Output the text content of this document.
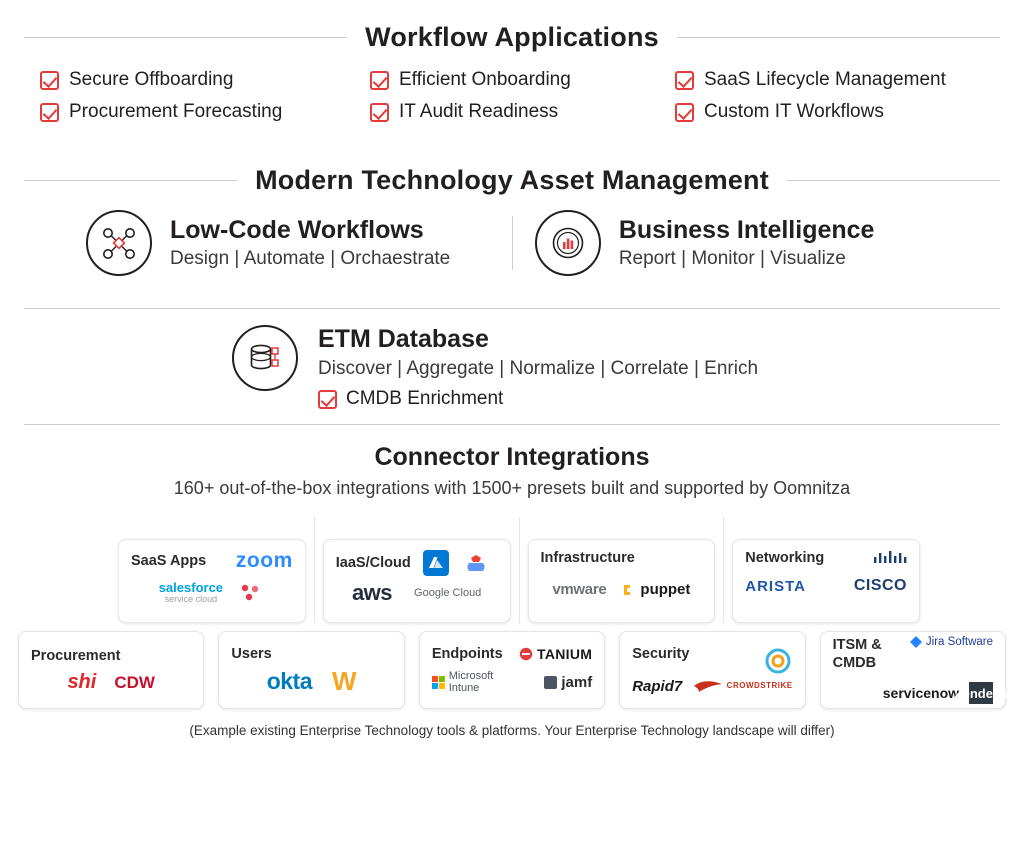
Workflow Applications
Secure Offboarding	Efficient Onboarding	SaaS Lifecycle Management
Procurement Forecasting	IT Audit Readiness	Custom IT Workflows
Modern Technology Asset Management
Low-Code Workflows
Design | Automate | Orchaestrate
Business Intelligence
Report | Monitor | Visualize
ETM Database
Discover | Aggregate | Normalize | Correlate | Enrich
CMDB Enrichment
Connector Integrations
160+ out-of-the-box integrations with 1500+ presets built and supported by Oomnitza
SaaS Apps zoom
salesforce
service cloud
IaaS/Cloud
aws Google Cloud
Infrastructure
vmware puppet
Networking
ARISTA	CISCO
Procurement
shi CDW
Users
okta W
Endpoints TANIUM
Microsoft Intune	jamf
Security
Rapid7	CROWDSTRIKE
ITSM & CMDB
Jira Software
servicenow
Zendesk
(Example existing Enterprise Technology tools & platforms. Your Enterprise Technology landscape will differ)
